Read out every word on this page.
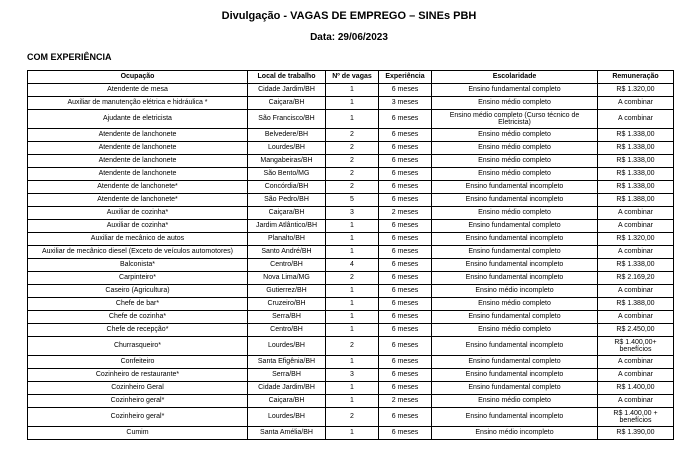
Divulgação - VAGAS DE EMPREGO – SINEs PBH
Data: 29/06/2023
COM EXPERIÊNCIA
Ocupação	Local de trabalho	Nº de vagas	Experiência	Escolaridade	Remuneração
Atendente de mesa	Cidade Jardim/BH	1	6 meses	Ensino fundamental completo	R$ 1.320,00
Auxiliar de manutenção elétrica e hidráulica *	Caiçara/BH	1	3 meses	Ensino médio completo	A combinar
Ajudante de eletricista	São Francisco/BH	1	6 meses	Ensino médio completo (Curso técnico de Eletricista)	A combinar
Atendente de lanchonete	Belvedere/BH	2	6 meses	Ensino médio completo	R$ 1.338,00
Atendente de lanchonete	Lourdes/BH	2	6 meses	Ensino médio completo	R$ 1.338,00
Atendente de lanchonete	Mangabeiras/BH	2	6 meses	Ensino médio completo	R$ 1.338,00
Atendente de lanchonete	São Bento/MG	2	6 meses	Ensino médio completo	R$ 1.338,00
Atendente de lanchonete*	Concórdia/BH	2	6 meses	Ensino fundamental incompleto	R$ 1.338,00
Atendente de lanchonete*	São Pedro/BH	5	6 meses	Ensino fundamental incompleto	R$ 1.388,00
Auxiliar de cozinha*	Caiçara/BH	3	2 meses	Ensino médio completo	A combinar
Auxiliar de cozinha*	Jardim Atlântico/BH	1	6 meses	Ensino fundamental completo	A combinar
Auxiliar de mecânico de autos	Planalto/BH	1	6 meses	Ensino fundamental incompleto	R$ 1.320,00
Auxiliar de mecânico diesel (Exceto de veículos automotores)	Santo André/BH	1	6 meses	Ensino fundamental completo	A combinar
Balconista*	Centro/BH	4	6 meses	Ensino fundamental incompleto	R$ 1.338,00
Carpinteiro*	Nova Lima/MG	2	6 meses	Ensino fundamental incompleto	R$ 2.169,20
Caseiro (Agricultura)	Gutierrez/BH	1	6 meses	Ensino médio incompleto	A combinar
Chefe de bar*	Cruzeiro/BH	1	6 meses	Ensino médio completo	R$ 1.388,00
Chefe de cozinha*	Serra/BH	1	6 meses	Ensino fundamental completo	A combinar
Chefe de recepção*	Centro/BH	1	6 meses	Ensino médio completo	R$ 2.450,00
Churrasqueiro*	Lourdes/BH	2	6 meses	Ensino fundamental incompleto	R$ 1.400,00+ benefícios
Confeiteiro	Santa Efigênia/BH	1	6 meses	Ensino fundamental completo	A combinar
Cozinheiro de restaurante*	Serra/BH	3	6 meses	Ensino fundamental incompleto	A combinar
Cozinheiro Geral	Cidade Jardim/BH	1	6 meses	Ensino fundamental completo	R$ 1.400,00
Cozinheiro geral*	Caiçara/BH	1	2 meses	Ensino médio completo	A combinar
Cozinheiro geral*	Lourdes/BH	2	6 meses	Ensino fundamental incompleto	R$ 1.400,00 + benefícios
Cumim	Santa Amélia/BH	1	6 meses	Ensino médio incompleto	R$ 1.390,00
